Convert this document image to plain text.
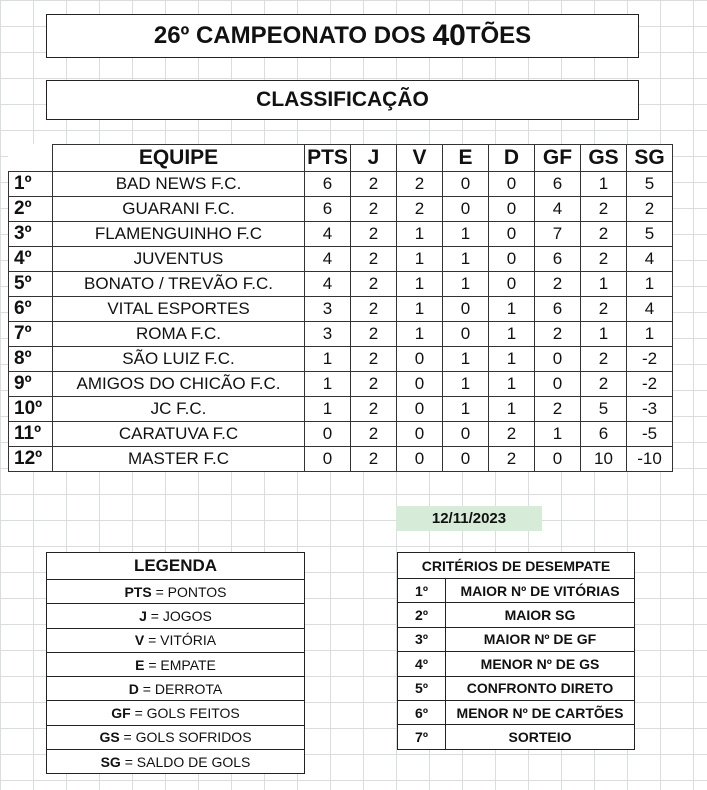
26º CAMPEONATO DOS
40 TÕES
CLASSIFICAÇÃO
	EQUIPE	PTS	J	V	E	D	GF	GS	SG
1º	BAD NEWS F.C.	6	2	2	0	0	6	1	5
2º	GUARANI F.C.	6	2	2	0	0	4	2	2
3º	FLAMENGUINHO F.C	4	2	1	1	0	7	2	5
4º	JUVENTUS	4	2	1	1	0	6	2	4
5º	BONATO / TREVÃO F.C.	4	2	1	1	0	2	1	1
6º	VITAL ESPORTES	3	2	1	0	1	6	2	4
7º	ROMA F.C.	3	2	1	0	1	2	1	1
8º	SÃO LUIZ F.C.	1	2	0	1	1	0	2	-2
9º	AMIGOS DO CHICÃO F.C.	1	2	0	1	1	0	2	-2
10º	JC F.C.	1	2	0	1	1	2	5	-3
11º	CARATUVA F.C	0	2	0	0	2	1	6	-5
12º	MASTER F.C	0	2	0	0	2	0	10	-10
12/11/2023
LEGENDA
PTS = PONTOS
J = JOGOS
V = VITÓRIA
E = EMPATE
D = DERROTA
GF = GOLS FEITOS
GS = GOLS SOFRIDOS
SG = SALDO DE GOLS
CRITÉRIOS DE DESEMPATE	
1º	MAIOR Nº DE VITÓRIAS
2º	MAIOR SG
3º	MAIOR Nº DE GF
4º	MENOR Nº DE GS
5º	CONFRONTO DIRETO
6º	MENOR Nº DE CARTÕES
7º	SORTEIO
